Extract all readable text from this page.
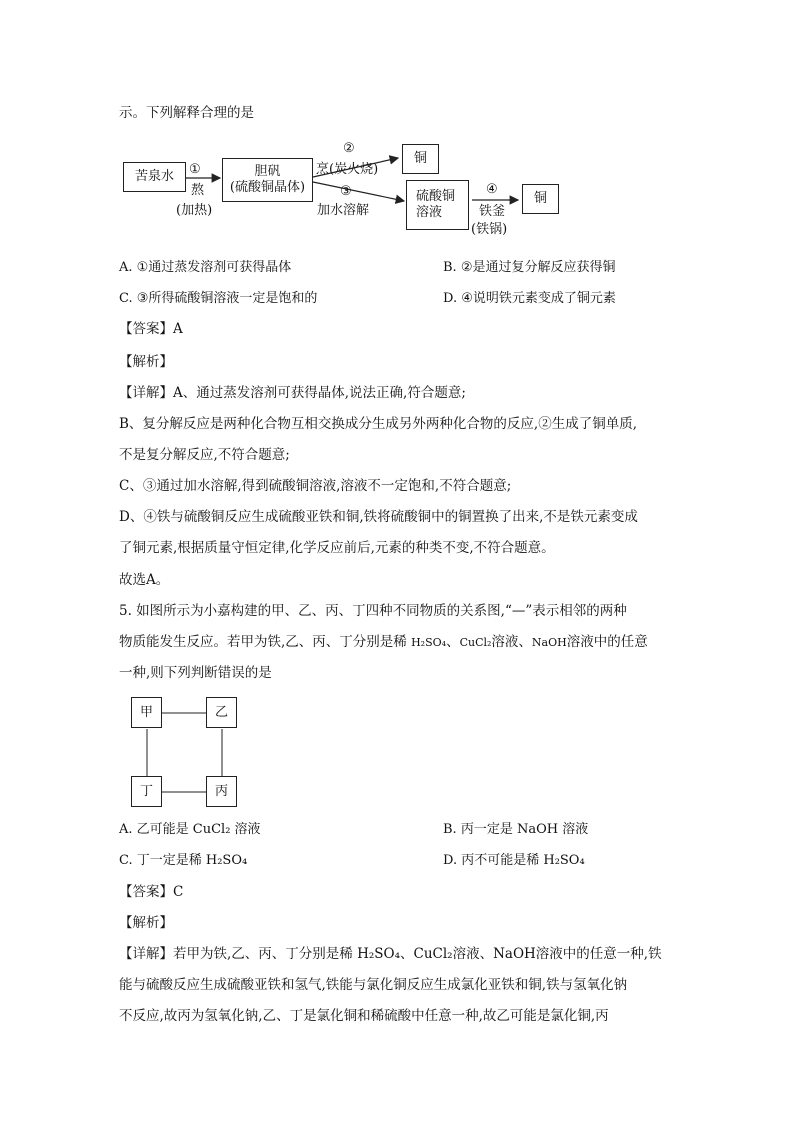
示。下列解释合理的是
苦泉水	胆矾
(硫酸铜晶体)
铜
硫酸铜
溶液
铜
①
熬
(加热)
②
烹(炭火烧)
③
加水溶解
④
铁釜
(铁锅)
A. ①通过蒸发溶剂可获得晶体	B. ②是通过复分解反应获得铜
C. ③所得硫酸铜溶液一定是饱和的	D. ④说明铁元素变成了铜元素
【答案】A
【解析】
【详解】A、通过蒸发溶剂可获得晶体,说法正确,符合题意;
B、复分解反应是两种化合物互相交换成分生成另外两种化合物的反应,②生成了铜单质,
不是复分解反应,不符合题意;
C、③通过加水溶解,得到硫酸铜溶液,溶液不一定饱和,不符合题意;
D、④铁与硫酸铜反应生成硫酸亚铁和铜,铁将硫酸铜中的铜置换了出来,不是铁元素变成
了铜元素,根据质量守恒定律,化学反应前后,元素的种类不变,不符合题意。
故选A。
5. 如图所示为小嘉构建的甲、乙、丙、丁四种不同物质的关系图,“—”表示相邻的两种
物质能发生反应。若甲为铁,乙、丙、丁分别是稀 H₂SO₄、CuCl₂溶液、NaOH溶液中的任意
一种,则下列判断错误的是
甲	乙
丁	丙
A. 乙可能是 CuCl₂ 溶液	B. 丙一定是 NaOH 溶液
C. 丁一定是稀 H₂SO₄	D. 丙不可能是稀 H₂SO₄
【答案】C
【解析】
【详解】若甲为铁,乙、丙、丁分别是稀 H₂SO₄、CuCl₂溶液、NaOH溶液中的任意一种,铁
能与硫酸反应生成硫酸亚铁和氢气,铁能与氯化铜反应生成氯化亚铁和铜,铁与氢氧化钠
不反应,故丙为氢氧化钠,乙、丁是氯化铜和稀硫酸中任意一种,故乙可能是氯化铜,丙
